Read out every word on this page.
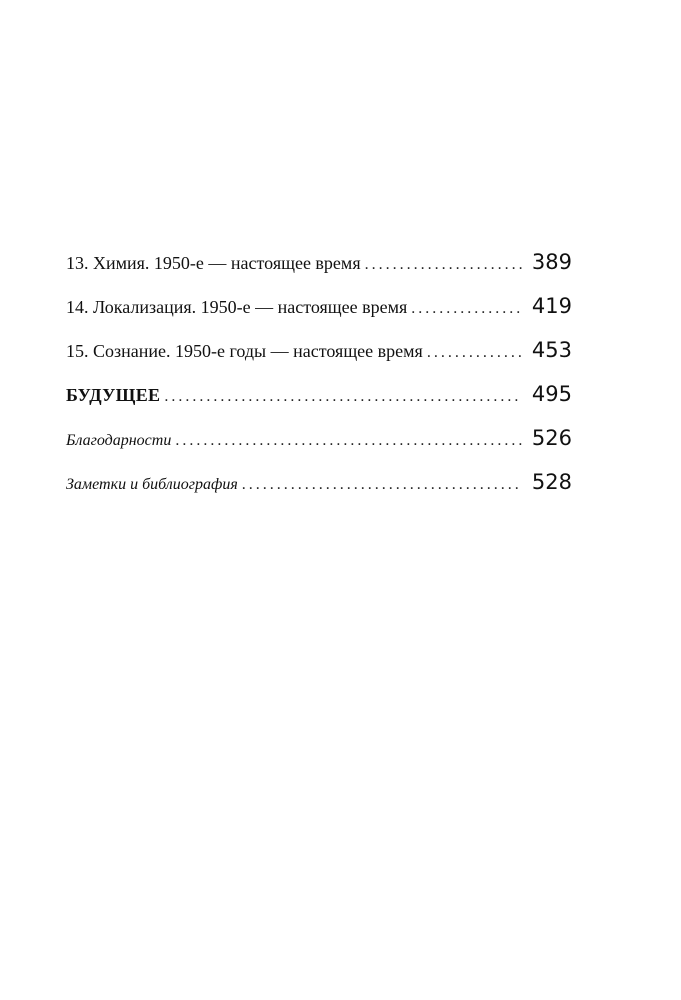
13. Химия. 1950-е — настоящее время . . .	389
14. Локализация. 1950-е — настоящее время . . .	419
15. Сознание. 1950-е годы — настоящее время . . .	453
БУДУЩЕЕ . . .	495
Благодарности . . .	526
Заметки и библиография . . .	528
